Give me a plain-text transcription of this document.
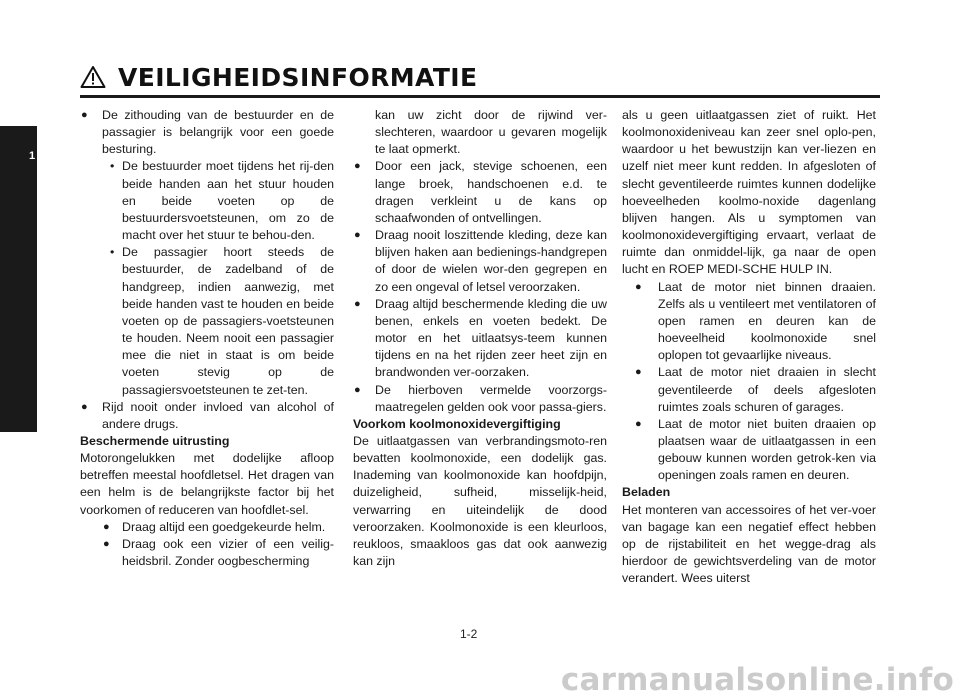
VEILIGHEIDSINFORMATIE
1
● De zithouding van de bestuurder en de passagier is belangrijk voor een goede besturing.
• De bestuurder moet tijdens het rij-den beide handen aan het stuur houden en beide voeten op de bestuurdersvoetsteunen, om zo de macht over het stuur te behou-den.
• De passagier hoort steeds de bestuurder, de zadelband of de handgreep, indien aanwezig, met beide handen vast te houden en beide voeten op de passagiers-voetsteunen te houden. Neem nooit een passagier mee die niet in staat is om beide voeten stevig op de passagiersvoetsteunen te zet-ten.
● Rijd nooit onder invloed van alcohol of andere drugs.

Beschermende uitrusting

Motorongelukken met dodelijke afloop betreffen meestal hoofdletsel. Het dragen van een helm is de belangrijkste factor bij het voorkomen of reduceren van hoofdlet-sel.

● Draag altijd een goedgekeurde helm.
● Draag ook een vizier of een veilig-heidsbril. Zonder oogbescherming

kan uw zicht door de rijwind ver-slechteren, waardoor u gevaren mogelijk te laat opmerkt.

● Door een jack, stevige schoenen, een lange broek, handschoenen e.d. te dragen verkleint u de kans op schaafwonden of ontvellingen.
● Draag nooit loszittende kleding, deze kan blijven haken aan bedienings-handgrepen of door de wielen wor-den gegrepen en zo een ongeval of letsel veroorzaken.
● Draag altijd beschermende kleding die uw benen, enkels en voeten bedekt. De motor en het uitlaatsys-teem kunnen tijdens en na het rijden zeer heet zijn en brandwonden ver-oorzaken.
● De hierboven vermelde voorzorgs-maatregelen gelden ook voor passa-giers.

Voorkom koolmonoxidevergiftiging

De uitlaatgassen van verbrandingsmoto-ren bevatten koolmonoxide, een dodelijk gas. Inademing van koolmonoxide kan hoofdpijn, duizeligheid, sufheid, misselijk-heid, verwarring en uiteindelijk de dood veroorzaken. Koolmonoxide is een kleurloos, reukloos, smaakloos gas dat ook aanwezig kan zijn

als u geen uitlaatgassen ziet of ruikt. Het koolmonoxideniveau kan zeer snel oplo-pen, waardoor u het bewustzijn kan ver-liezen en uzelf niet meer kunt redden. In afgesloten of slecht geventileerde ruimtes kunnen dodelijke hoeveelheden koolmo-noxide dagenlang blijven hangen. Als u symptomen van koolmonoxidevergiftiging ervaart, verlaat de ruimte dan onmiddel-lijk, ga naar de open lucht en ROEP MEDI-SCHE HULP IN.

● Laat de motor niet binnen draaien. Zelfs als u ventileert met ventilatoren of open ramen en deuren kan de hoeveelheid koolmonoxide snel oplopen tot gevaarlijke niveaus.
● Laat de motor niet draaien in slecht geventileerde of deels afgesloten ruimtes zoals schuren of garages.
● Laat de motor niet buiten draaien op plaatsen waar de uitlaatgassen in een gebouw kunnen worden getrok-ken via openingen zoals ramen en deuren.

Beladen

Het monteren van accessoires of het ver-voer van bagage kan een negatief effect hebben op de rijstabiliteit en het wegge-drag als hierdoor de gewichtsverdeling van de motor verandert. Wees uiterst

1-2
carmanualsonline.info
